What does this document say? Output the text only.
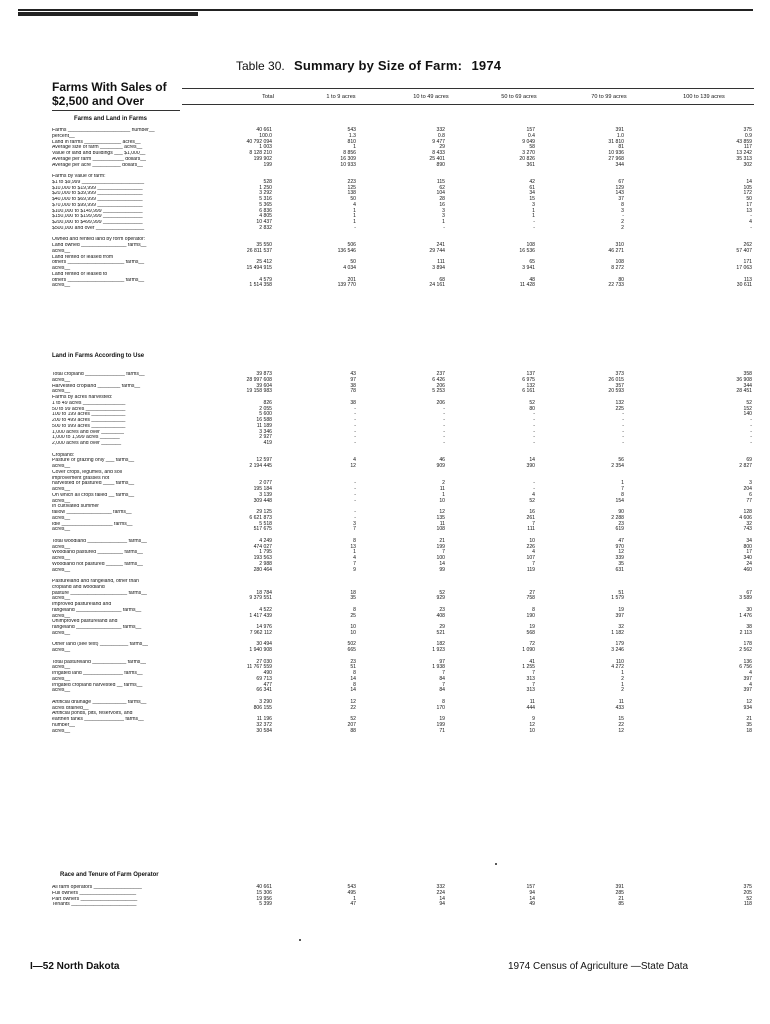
Table 30. Summary by Size of Farm: 1974
Farms With Sales of
$2,500 and Over	Total	1 to 9 acres	10 to 49 acres	50 to 69 acres	70 to 99 acres	100 to 139 acres
Farms and Land in Farms
Land in Farms According to Use
Race and Tenure of Farm Operator
Farms ______________________ number__	40 661	543	332	157	391	375
percent__	100.0	1.3	0.8	0.4	1.0	0.9
Land in farms _____________ acres__	40 792 094	810	9 477	9 049	31 810	43 859
Average size of farm ________ acres__	1 003	1	29	58	81	117
Value of land and buildings ___ $1,000__	8 128 210	8 856	8 433	3 270	10 936	13 242
Average per farm ___________ dollars__	199 902	16 309	25 401	20 826	27 968	35 313
Average per acre __________ dollars__	199	10 933	890	361	344	302
Farms by value of farm:
$1 to $9,999 ______________________	528	223	115	42	67	14
$10,000 to $19,999 ________________	1 250	125	62	61	129	105
$20,000 to $39,999 ________________	3 292	138	104	34	143	172
$40,000 to $69,999 ________________	5 316	50	28	15	37	50
$70,000 to $99,999 ________________	5 365	4	16	3	8	17
$100,000 to $149,999 ______________	6 836	1	3	1	3	13
$150,000 to $199,999 ______________	4 805	1	3	1	-	-
$200,000 to $499,999 ______________	10 437	1	1	-	2	4
$500,000 and over _________________	2 832	-	-	-	2	-
Owned and rented land by form operator:
Land owned ________________ farms__	35 550	506	241	108	310	262
acres__	26 811 537	136 546	29 744	16 536	46 271	57 407
Land rented or leased from
others ____________________ farms__	25 412	50	111	65	108	171
acres__	15 494 915	4 034	3 894	3 941	8 272	17 063
Land rented or leased to
others ____________________ farms__	4 579	201	68	48	80	113
acres__	1 514 358	139 770	24 161	11 428	22 733	30 611
Total cropland ______________ farms__	39 873	43	237	137	373	358
acres__	28 997 608	97	6 426	6 975	26 015	36 908
Harvested cropland ________ farms__	39 604	38	206	132	357	344
acres__	19 158 983	78	5 253	6 161	20 593	28 451
Farms by acres harvested:
1 to 49 acres _______________	826	38	206	52	132	52
50 to 99 acres ______________	2 055	-	-	80	225	152
100 to 199 acres ____________	5 600	-	-	-	-	140
200 to 499 acres ____________	16 588	-	-	-	-	-
500 to 999 acres ____________	11 189	-	-	-	-	-
1,000 acres and over ________	3 346	-	-	-	-	-
1,000 to 1,999 acres _______	2 927	-	-	-	-	-
2,000 acres and over _______	419	-	-	-	-	-
Cropland:
Pasture or grazing only ___ farms__	12 597	4	46	14	56	69
acres__	2 194 445	12	909	390	2 354	2 827
Cover crops, legumes, and soil
improvement grasses not
harvested or pastured ____ farms__	2 077	-	2	-	1	3
acres__	195 184	-	11	-	7	204
On which all crops failed __ farms__	3 139	-	1	4	8	6
acres__	309 448	-	10	52	154	77
In cultivated summer
fallow ________________ farms__	29 125	-	12	16	90	128
acres__	6 621 873	-	135	261	2 288	4 606
Idle __________________ farms__	5 518	3	11	7	23	32
acres__	517 675	7	108	111	619	743
Total woodland ______________ farms__	4 249	8	21	10	47	34
acres__	474 027	13	199	226	970	800
Woodland pastured _________ farms__	1 795	1	7	4	12	17
acres__	193 563	4	100	107	339	340
Woodland not pastured ______ farms__	2 988	7	14	7	35	24
acres__	280 464	9	99	119	631	460
Pastureland and rangeland, other than
cropland and woodland
pasture ____________________ farms__	18 784	18	52	27	51	67
acres__	9 379 551	35	929	758	1 579	3 589
Improved pastureland and
rangeland ________________ farms__	4 522	8	23	8	19	30
acres__	1 417 439	25	408	190	397	1 476
Unimproved pastureland and
rangeland ________________ farms__	14 976	10	29	19	32	38
acres__	7 962 112	10	521	568	1 182	2 113
Other land (see text) __________ farms__	30 494	502	182	72	179	178
acres__	1 940 908	665	1 923	1 090	3 246	2 562
Total pastureland ____________ farms__	27 030	23	97	41	110	136
acres__	11 767 559	51	1 938	1 255	4 272	6 756
Irrigated land ______________ farms__	490	8	7	7	1	4
acres__	69 713	14	84	313	2	397
Irrigated cropland harvested __ farms__	477	8	7	7	1	4
acres__	66 341	14	84	313	2	397
Artificial drainage ____________ farms__	3 290	12	8	11	11	12
acres drained__	806 155	22	170	444	433	934
Artificial ponds, pits, reservoirs, and
earthen tanks ______________ farms__	11 196	52	19	9	15	21
number__	32 372	207	199	12	22	35
acres__	30 584	88	71	10	12	18
All farm operators _________________	40 661	543	332	157	391	375
Full owners ____________________	15 306	495	224	94	285	205
Part owners ____________________	19 956	1	14	14	21	52
Tenants _______________________	5 399	47	94	49	85	118
I—52 North Dakota	1974 Census of Agriculture —State Data
